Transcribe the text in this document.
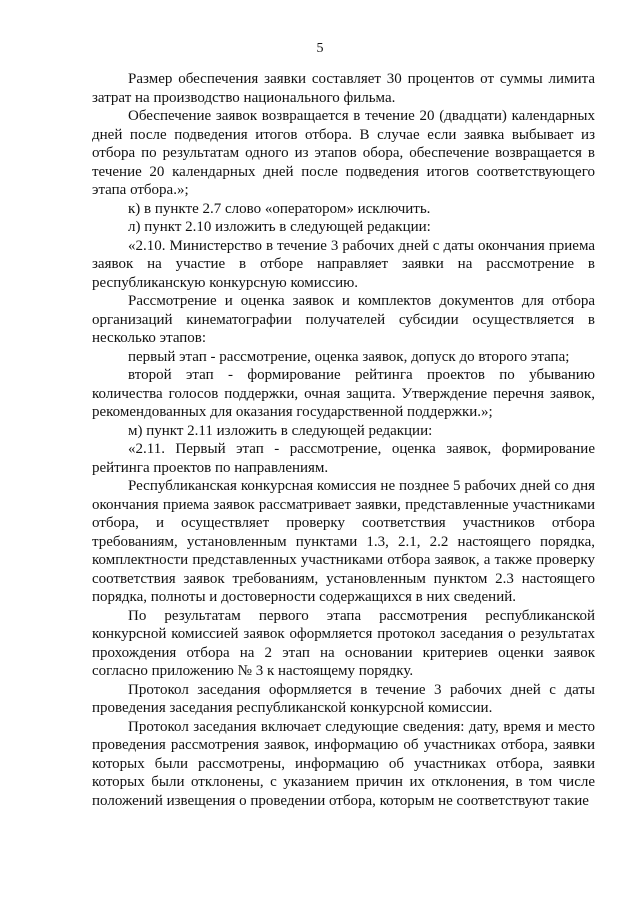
5

Размер обеспечения заявки составляет 30 процентов от суммы лимита затрат на производство национального фильма.

Обеспечение заявок возвращается в течение 20 (двадцати) календарных дней после подведения итогов отбора. В случае если заявка выбывает из отбора по результатам одного из этапов обора, обеспечение возвращается в течение 20 календарных дней после подведения итогов соответствующего этапа отбора.»;

к) в пункте 2.7 слово «оператором» исключить.

л) пункт 2.10 изложить в следующей редакции:

«2.10. Министерство в течение 3 рабочих дней с даты окончания приема заявок на участие в отборе направляет заявки на рассмотрение в республиканскую конкурсную комиссию.

Рассмотрение и оценка заявок и комплектов документов для отбора организаций кинематографии получателей субсидии осуществляется в несколько этапов:

первый этап - рассмотрение, оценка заявок, допуск до второго этапа;

второй этап - формирование рейтинга проектов по убыванию количества голосов поддержки, очная защита. Утверждение перечня заявок, рекомендованных для оказания государственной поддержки.»;

м) пункт 2.11 изложить в следующей редакции:

«2.11. Первый этап - рассмотрение, оценка заявок, формирование рейтинга проектов по направлениям.

Республиканская конкурсная комиссия не позднее 5 рабочих дней со дня окончания приема заявок рассматривает заявки, представленные участниками отбора, и осуществляет проверку соответствия участников отбора требованиям, установленным пунктами 1.3, 2.1, 2.2 настоящего порядка, комплектности представленных участниками отбора заявок, а также проверку соответствия заявок требованиям, установленным пунктом 2.3 настоящего порядка, полноты и достоверности содержащихся в них сведений.

По результатам первого этапа рассмотрения республиканской конкурсной комиссией заявок оформляется протокол заседания о результатах прохождения отбора на 2 этап на основании критериев оценки заявок согласно приложению № 3 к настоящему порядку.

Протокол заседания оформляется в течение 3 рабочих дней с даты проведения заседания республиканской конкурсной комиссии.

Протокол заседания включает следующие сведения: дату, время и место проведения рассмотрения заявок, информацию об участниках отбора, заявки которых были рассмотрены, информацию об участниках отбора, заявки которых были отклонены, с указанием причин их отклонения, в том числе положений извещения о проведении отбора, которым не соответствуют такие
